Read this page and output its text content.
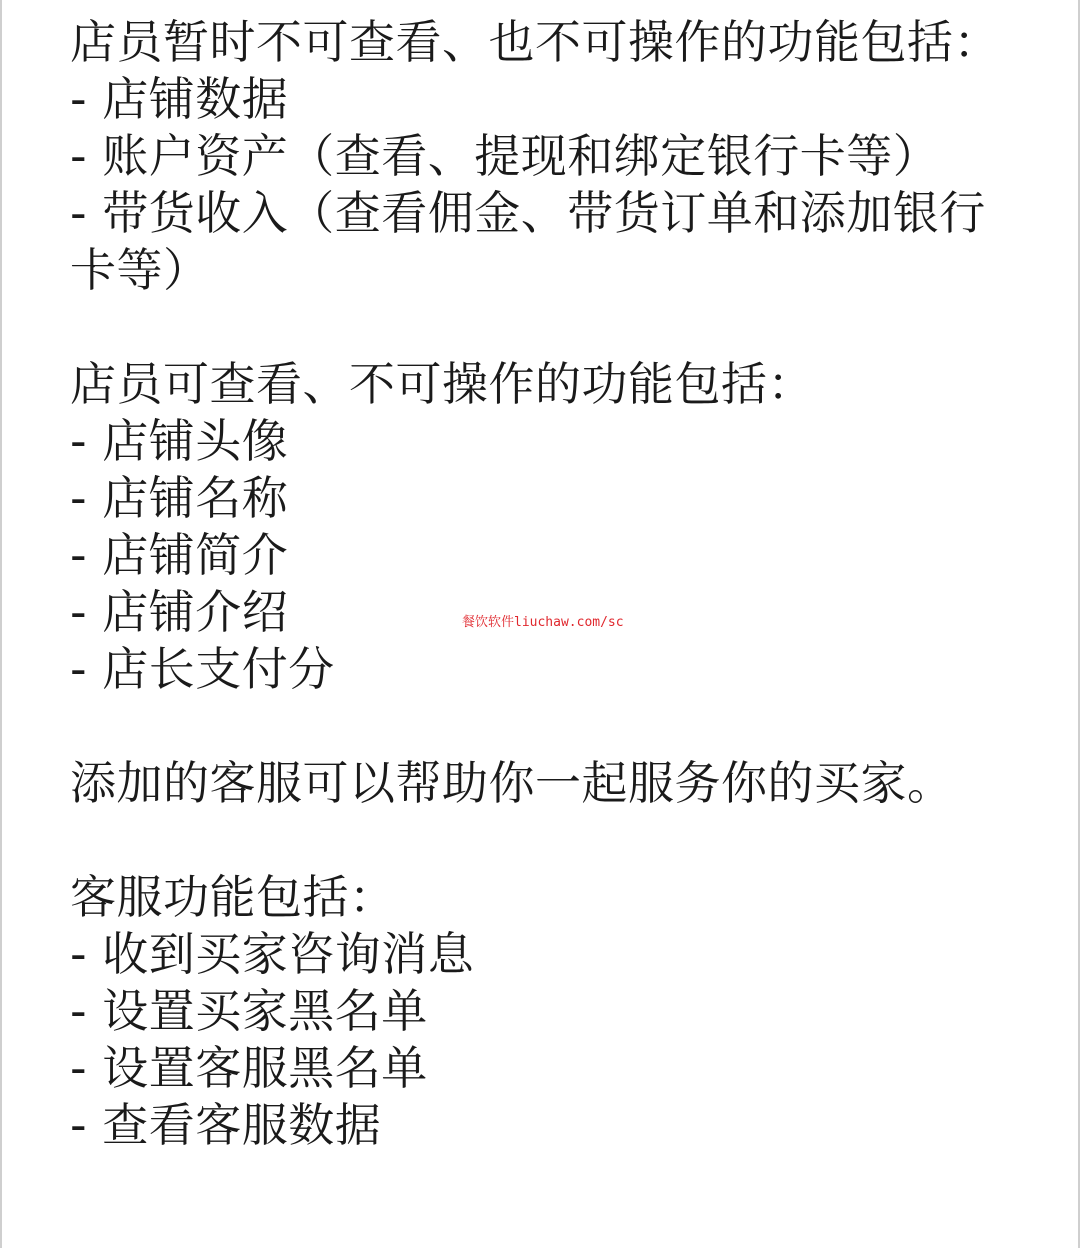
店员暂时不可查看、也不可操作的功能包括：

- 店铺数据
- 账户资产（查看、提现和绑定银行卡等）
- 带货收入（查看佣金、带货订单和添加银行卡等）

店员可查看、不可操作的功能包括：

- 店铺头像
- 店铺名称
- 店铺简介
- 店铺介绍
- 店长支付分

添加的客服可以帮助你一起服务你的买家。

客服功能包括：

- 收到买家咨询消息
- 设置买家黑名单
- 设置客服黑名单
- 查看客服数据
餐饮软件liuchaw.com/sc
